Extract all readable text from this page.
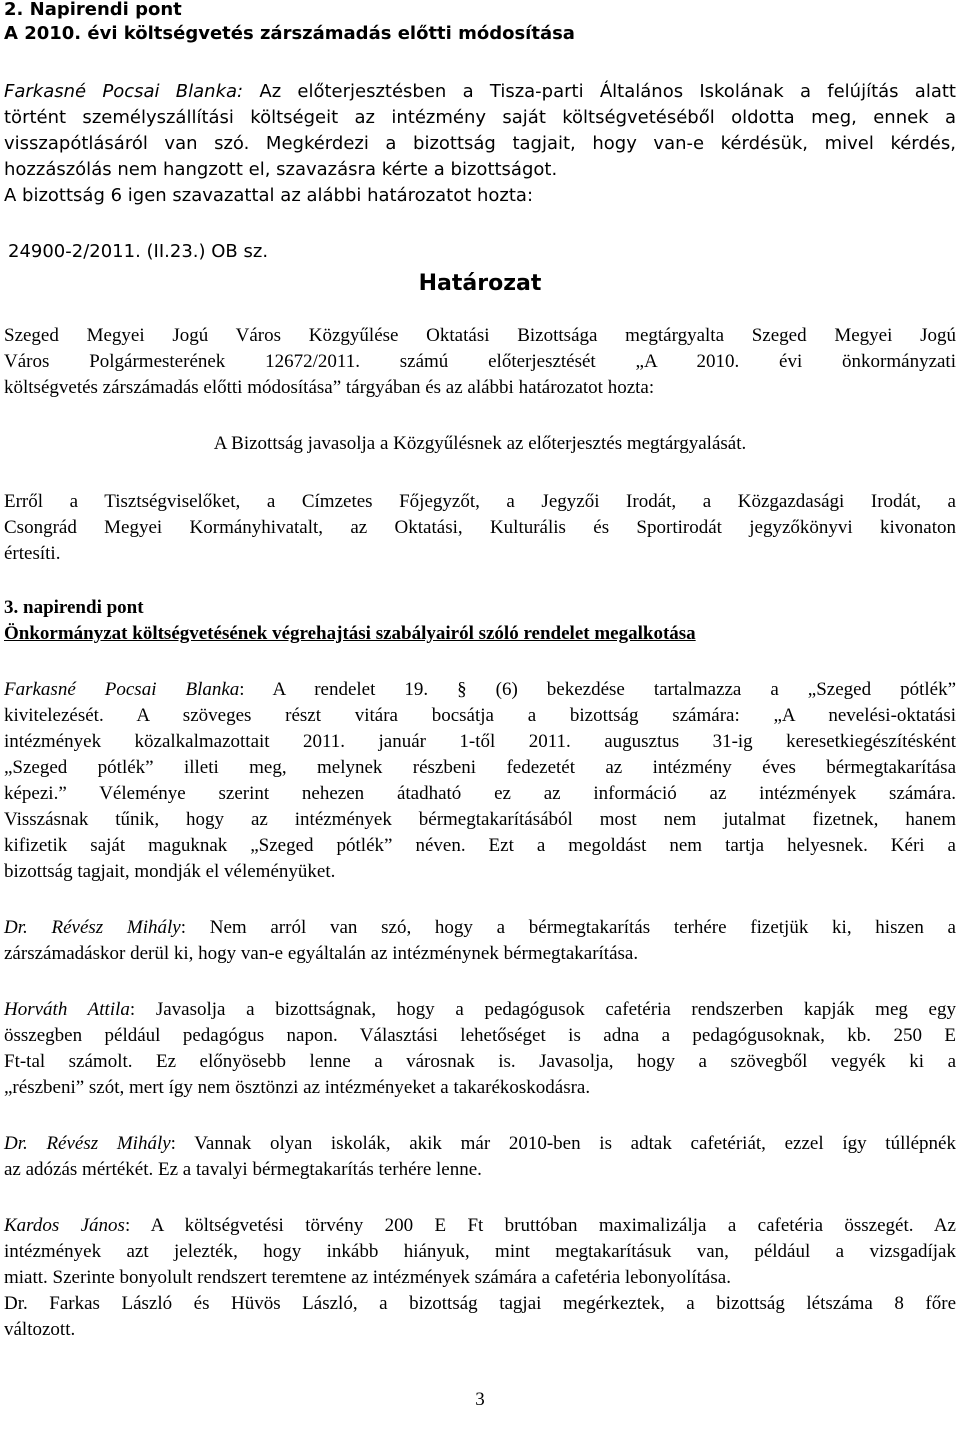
2. Napirendi pont
A 2010. évi költségvetés zárszámadás előtti módosítása
Farkasné Pocsai Blanka: Az előterjesztésben a Tisza-parti Általános Iskolának a felújítás alatt
történt személyszállítási költségeit az intézmény saját költségvetéséből oldotta meg, ennek a
visszapótlásáról van szó. Megkérdezi a bizottság tagjait, hogy van-e kérdésük, mivel kérdés,
hozzászólás nem hangzott el, szavazásra kérte a bizottságot.
A bizottság 6 igen szavazattal az alábbi határozatot hozta:
24900-2/2011. (II.23.) OB sz.
Határozat
Szeged Megyei Jogú Város Közgyűlése Oktatási Bizottsága megtárgyalta Szeged Megyei Jogú
Város Polgármesterének 12672/2011. számú előterjesztését „A 2010. évi önkormányzati
költségvetés zárszámadás előtti módosítása” tárgyában és az alábbi határozatot hozta:
A Bizottság javasolja a Közgyűlésnek az előterjesztés megtárgyalását.
Erről a Tisztségviselőket, a Címzetes Főjegyzőt, a Jegyzői Irodát, a Közgazdasági Irodát, a
Csongrád Megyei Kormányhivatalt, az Oktatási, Kulturális és Sportirodát jegyzőkönyvi kivonaton
értesíti.
3. napirendi pont
Önkormányzat költségvetésének végrehajtási szabályairól szóló rendelet megalkotása
Farkasné Pocsai Blanka: A rendelet 19. § (6) bekezdése tartalmazza a „Szeged pótlék”
kivitelezését. A szöveges részt vitára bocsátja a bizottság számára: „A nevelési-oktatási
intézmények közalkalmazottait 2011. január 1-től 2011. augusztus 31-ig keresetkiegészítésként
„Szeged pótlék” illeti meg, melynek részbeni fedezetét az intézmény éves bérmegtakarítása
képezi.” Véleménye szerint nehezen átadható ez az információ az intézmények számára.
Visszásnak tűnik, hogy az intézmények bérmegtakarításából most nem jutalmat fizetnek, hanem
kifizetik saját maguknak „Szeged pótlék” néven. Ezt a megoldást nem tartja helyesnek. Kéri a
bizottság tagjait, mondják el véleményüket.
Dr. Révész Mihály: Nem arról van szó, hogy a bérmegtakarítás terhére fizetjük ki, hiszen a
zárszámadáskor derül ki, hogy van-e egyáltalán az intézménynek bérmegtakarítása.
Horváth Attila: Javasolja a bizottságnak, hogy a pedagógusok cafetéria rendszerben kapják meg egy
összegben például pedagógus napon. Választási lehetőséget is adna a pedagógusoknak, kb. 250 E
Ft-tal számolt. Ez előnyösebb lenne a városnak is. Javasolja, hogy a szövegből vegyék ki a
„részbeni” szót, mert így nem ösztönzi az intézményeket a takarékoskodásra.
Dr. Révész Mihály: Vannak olyan iskolák, akik már 2010-ben is adtak cafetériát, ezzel így túllépnék
az adózás mértékét. Ez a tavalyi bérmegtakarítás terhére lenne.
Kardos János: A költségvetési törvény 200 E Ft bruttóban maximalizálja a cafetéria összegét. Az
intézmények azt jelezték, hogy inkább hiányuk, mint megtakarításuk van, például a vizsgadíjak
miatt. Szerinte bonyolult rendszert teremtene az intézmények számára a cafetéria lebonyolítása.
Dr. Farkas László és Hüvös László, a bizottság tagjai megérkeztek, a bizottság létszáma 8 főre
változott.
3
